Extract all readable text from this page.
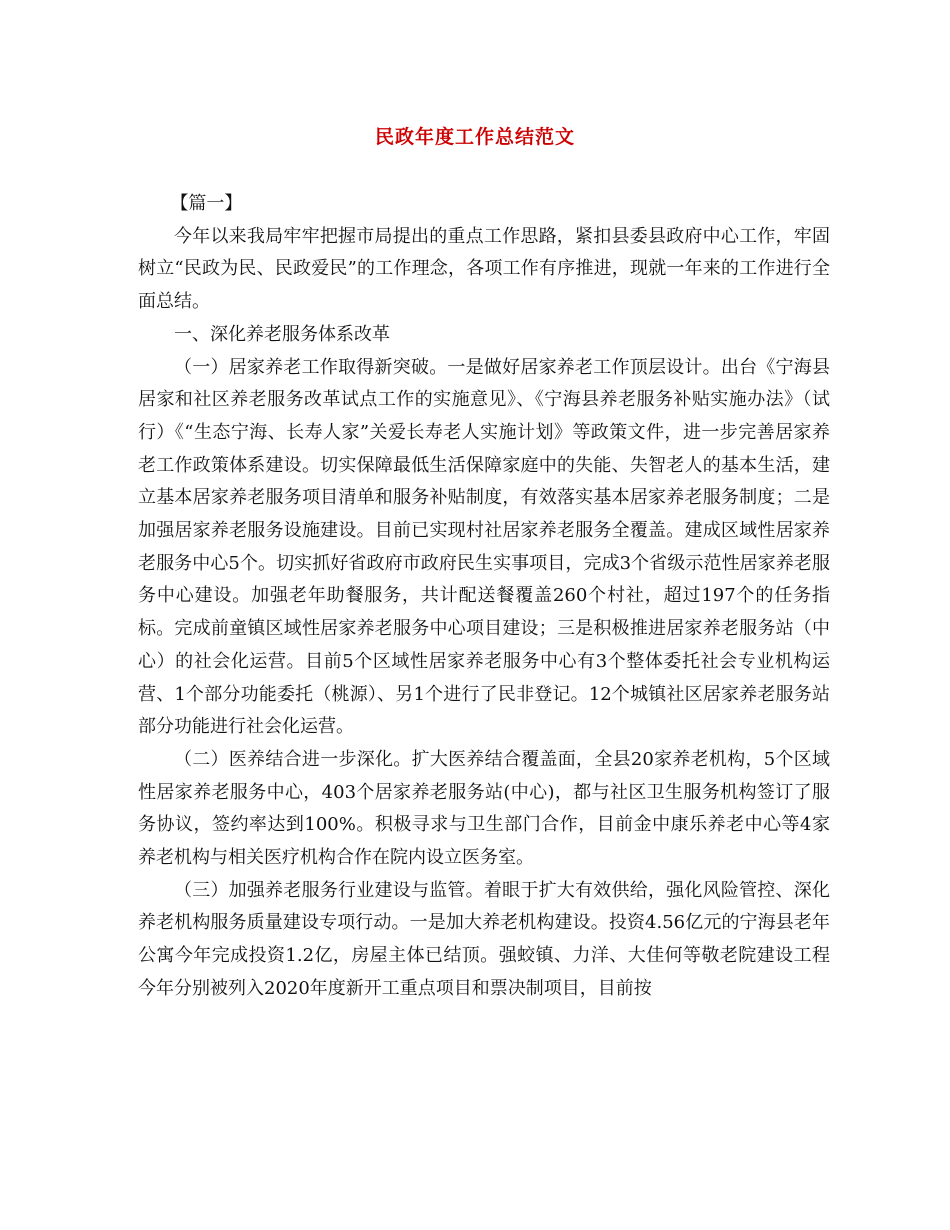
民政年度工作总结范文

【篇一】

今年以来我局牢牢把握市局提出的重点工作思路，紧扣县委县政府中心工作，牢固树立“民政为民、民政爱民”的工作理念，各项工作有序推进，现就一年来的工作进行全面总结。

一、深化养老服务体系改革

（一）居家养老工作取得新突破。一是做好居家养老工作顶层设计。出台《宁海县居家和社区养老服务改革试点工作的实施意见》、《宁海县养老服务补贴实施办法》（试行）《“生态宁海、长寿人家”关爱长寿老人实施计划》等政策文件，进一步完善居家养老工作政策体系建设。切实保障最低生活保障家庭中的失能、失智老人的基本生活，建立基本居家养老服务项目清单和服务补贴制度，有效落实基本居家养老服务制度；二是加强居家养老服务设施建设。目前已实现村社居家养老服务全覆盖。建成区域性居家养老服务中心5个。切实抓好省政府市政府民生实事项目，完成3个省级示范性居家养老服务中心建设。加强老年助餐服务，共计配送餐覆盖260个村社，超过197个的任务指标。完成前童镇区域性居家养老服务中心项目建设；三是积极推进居家养老服务站（中心）的社会化运营。目前5个区域性居家养老服务中心有3个整体委托社会专业机构运营、1个部分功能委托（桃源）、另1个进行了民非登记。12个城镇社区居家养老服务站部分功能进行社会化运营。

（二）医养结合进一步深化。扩大医养结合覆盖面，全县20家养老机构，5个区域性居家养老服务中心，403个居家养老服务站(中心)，都与社区卫生服务机构签订了服务协议，签约率达到100%。积极寻求与卫生部门合作，目前金中康乐养老中心等4家养老机构与相关医疗机构合作在院内设立医务室。

（三）加强养老服务行业建设与监管。着眼于扩大有效供给，强化风险管控、深化养老机构服务质量建设专项行动。一是加大养老机构建设。投资4.56亿元的宁海县老年公寓今年完成投资1.2亿，房屋主体已结顶。强蛟镇、力洋、大佳何等敬老院建设工程今年分别被列入2020年度新开工重点项目和票决制项目，目前按
